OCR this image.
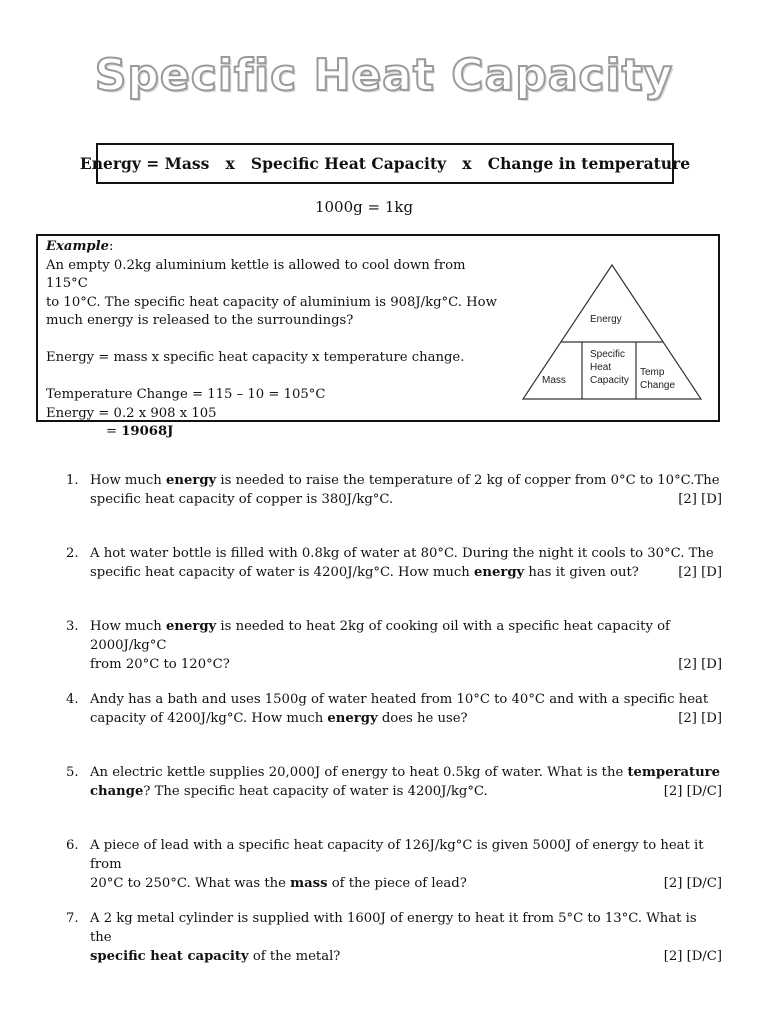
Specific Heat Capacity
Energy = Mass   x   Specific Heat Capacity   x   Change in temperature
1000g = 1kg
Example:
An empty 0.2kg aluminium kettle is allowed to cool down from 115°C
to 10°C. The specific heat capacity of aluminium is 908J/kg°C. How
much energy is released to the surroundings?
Energy = mass x specific heat capacity x temperature change.
Temperature Change = 115 – 10 = 105°C
Energy = 0.2 x 908 x 105
= 19068J
Energy
Mass
Specific
Heat
Capacity
Temp
Change
1. How much energy is needed to raise the temperature of 2 kg of copper from 0°C to 10°C.The
specific heat capacity of copper is 380J/kg°C.	[2] [D]
2. A hot water bottle is filled with 0.8kg of water at 80°C. During the night it cools to 30°C. The
specific heat capacity of water is 4200J/kg°C. How much energy has it given out?	[2] [D]
3. How much energy is needed to heat 2kg of cooking oil with a specific heat capacity of 2000J/kg°C
from 20°C to 120°C?	[2] [D]
4. Andy has a bath and uses 1500g of water heated from 10°C to 40°C and with a specific heat
capacity of 4200J/kg°C. How much energy does he use?	[2] [D]
5. An electric kettle supplies 20,000J of energy to heat 0.5kg of water. What is the temperature
change? The specific heat capacity of water is 4200J/kg°C.	[2] [D/C]
6. A piece of lead with a specific heat capacity of 126J/kg°C is given 5000J of energy to heat it from
20°C to 250°C. What was the mass of the piece of lead?	[2] [D/C]
7. A 2 kg metal cylinder is supplied with 1600J of energy to heat it from 5°C to 13°C. What is the
specific heat capacity of the metal?	[2] [D/C]
